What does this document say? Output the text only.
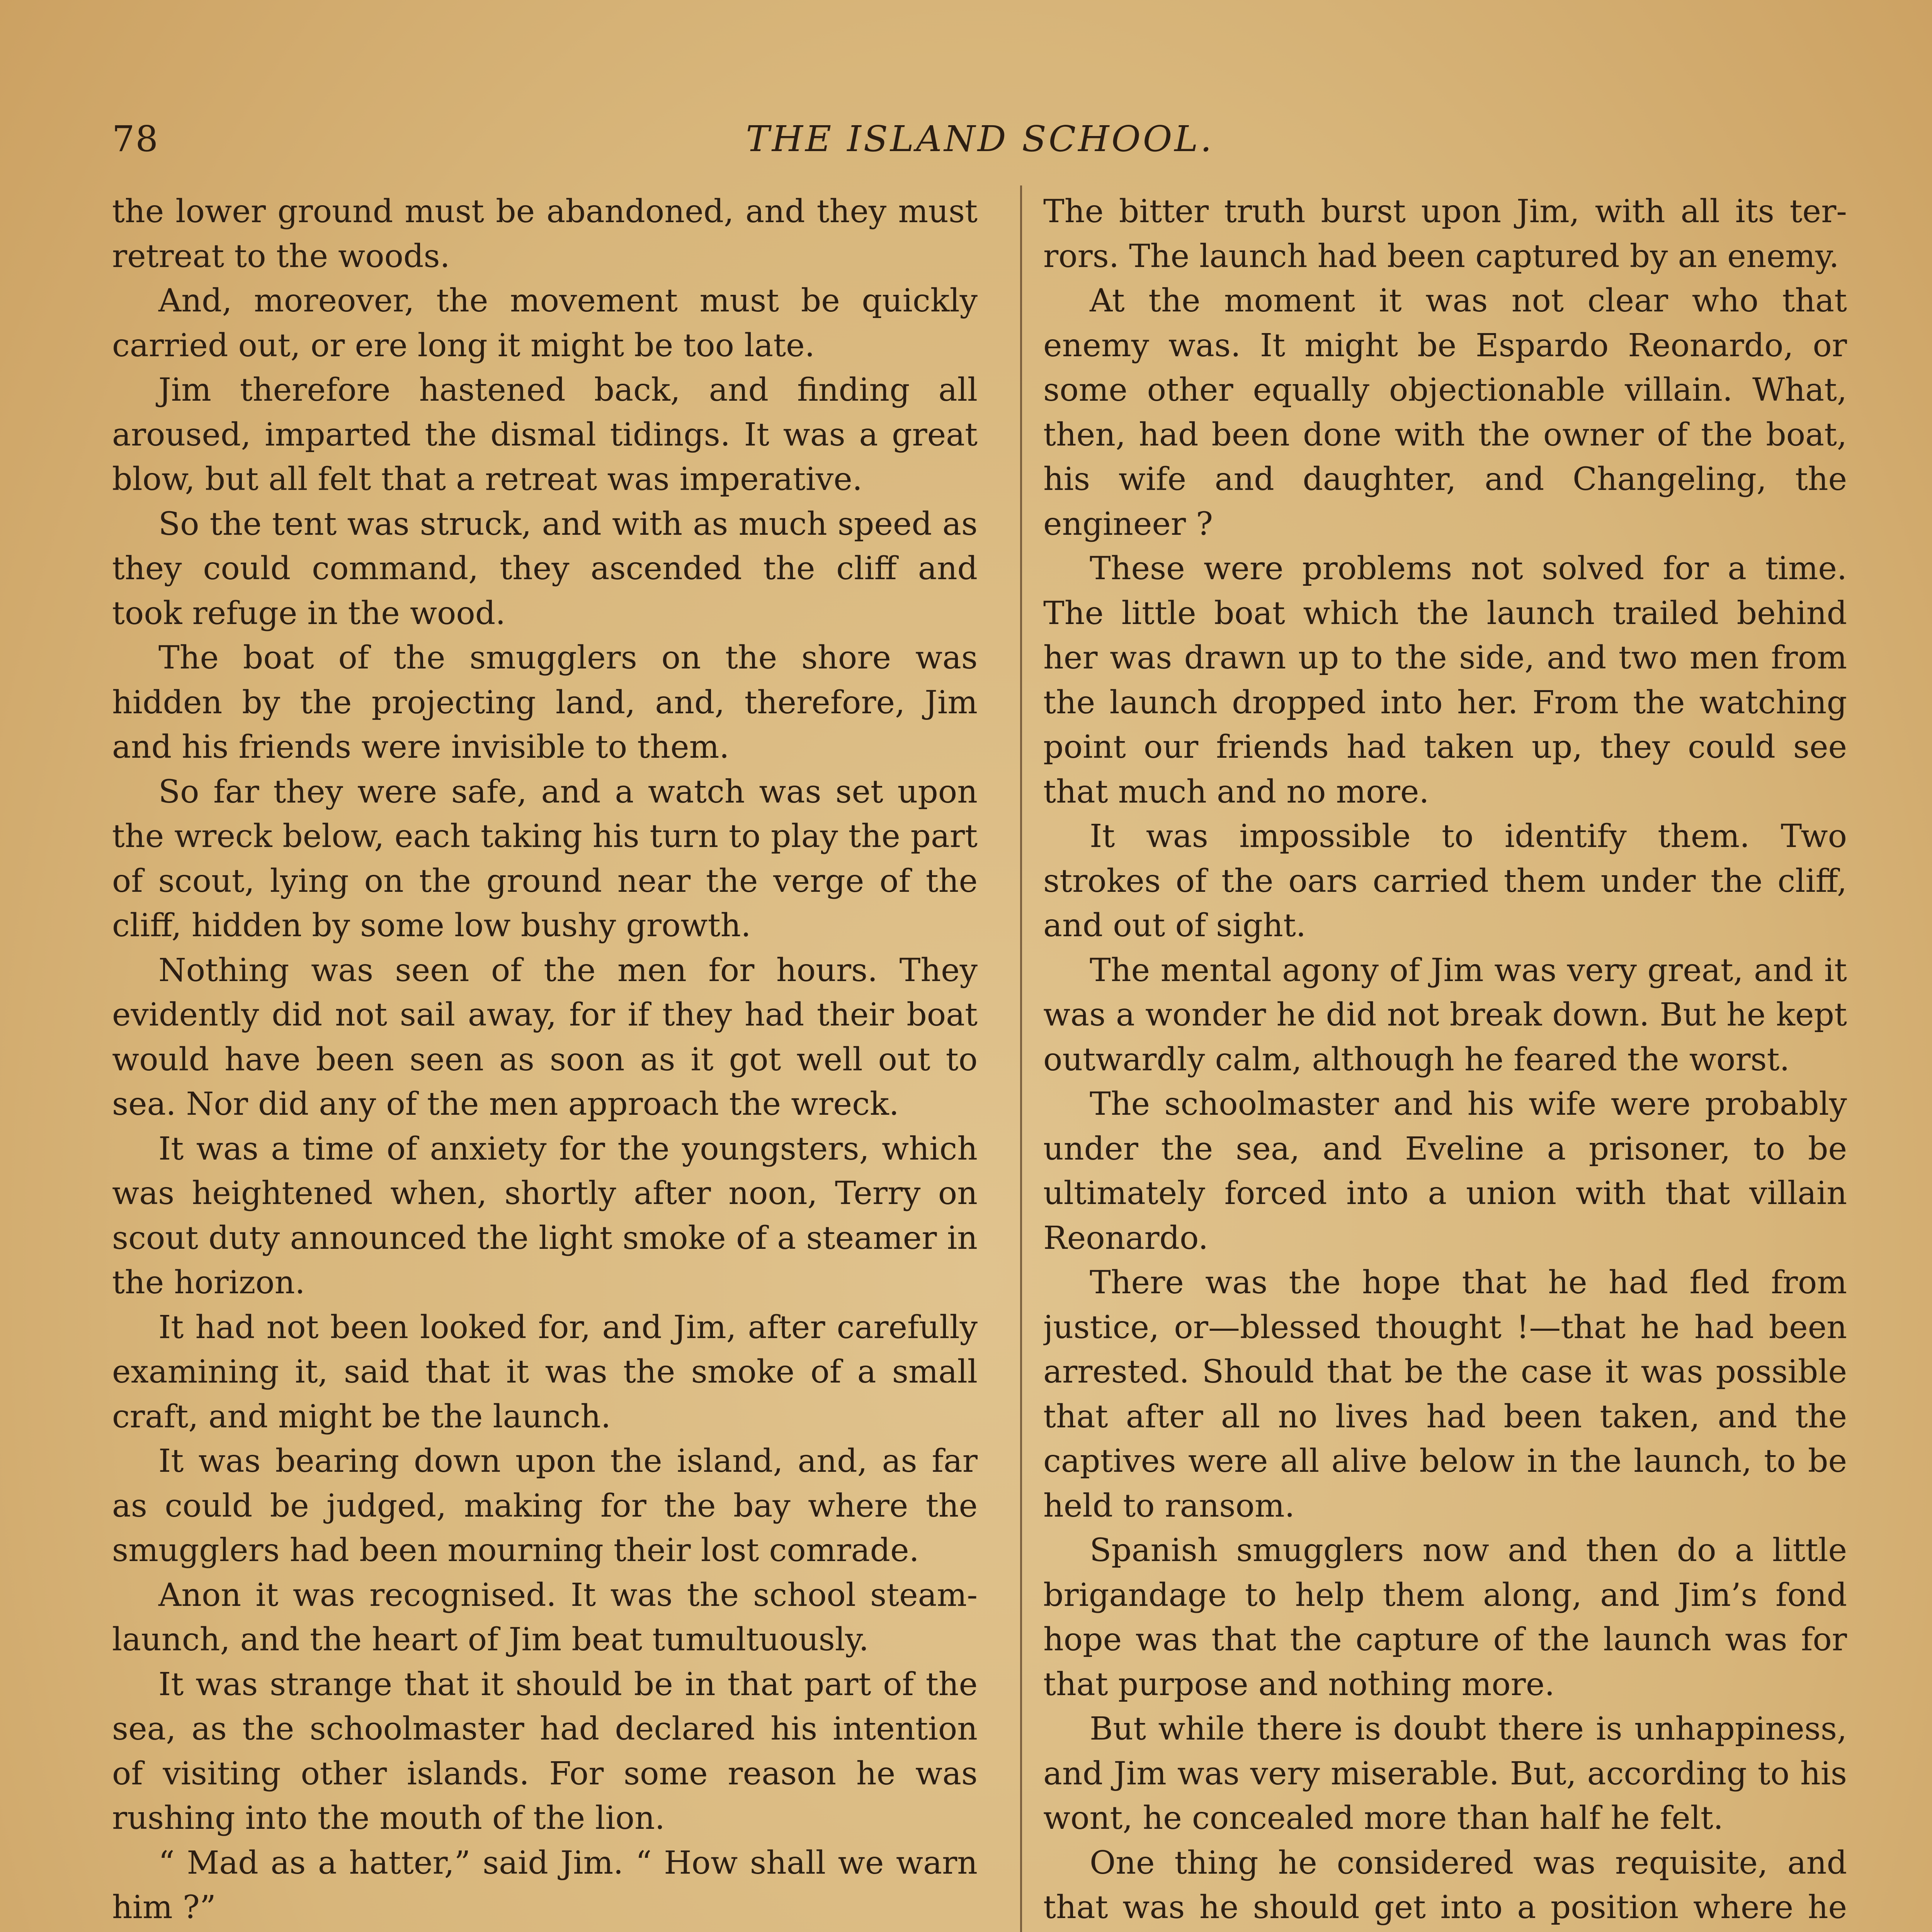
78	THE ISLAND SCHOOL.

the lower ground must be abandoned, and they must retreat to the woods.

And, moreover, the movement must be quickly carried out, or ere long it might be too late.

Jim therefore hastened back, and finding all aroused, imparted the dismal tidings. It was a great blow, but all felt that a retreat was imperative.

So the tent was struck, and with as much speed as they could command, they ascended the cliff and took refuge in the wood.

The boat of the smugglers on the shore was hidden by the projecting land, and, therefore, Jim and his friends were invisible to them.

So far they were safe, and a watch was set upon the wreck below, each taking his turn to play the part of scout, lying on the ground near the verge of the cliff, hidden by some low bushy growth.

Nothing was seen of the men for hours. They evidently did not sail away, for if they had their boat would have been seen as soon as it got well out to sea. Nor did any of the men approach the wreck.

It was a time of anxiety for the youngsters, which was heightened when, shortly after noon, Terry on scout duty announced the light smoke of a steamer in the horizon.

It had not been looked for, and Jim, after carefully examining it, said that it was the smoke of a small craft, and might be the launch.

It was bearing down upon the island, and, as far as could be judged, making for the bay where the smugglers had been mourning their lost comrade.

Anon it was recognised. It was the school steam-launch, and the heart of Jim beat tumultuously.

It was strange that it should be in that part of the sea, as the schoolmaster had declared his intention of visiting other islands. For some reason he was rushing into the mouth of the lion.

“ Mad as a hatter,” said Jim. “ How shall we warn him ?”

The bitter truth burst upon Jim, with all its ter-rors. The launch had been captured by an enemy.

At the moment it was not clear who that enemy was. It might be Espardo Reonardo, or some other equally objectionable villain. What, then, had been done with the owner of the boat, his wife and daughter, and Changeling, the engineer ?

These were problems not solved for a time. The little boat which the launch trailed behind her was drawn up to the side, and two men from the launch dropped into her. From the watching point our friends had taken up, they could see that much and no more.

It was impossible to identify them. Two strokes of the oars carried them under the cliff, and out of sight.

The mental agony of Jim was very great, and it was a wonder he did not break down. But he kept outwardly calm, although he feared the worst.

The schoolmaster and his wife were probably under the sea, and Eveline a prisoner, to be ultimately forced into a union with that villain Reonardo.

There was the hope that he had fled from justice, or—blessed thought !—that he had been arrested. Should that be the case it was possible that after all no lives had been taken, and the captives were all alive below in the launch, to be held to ransom.

Spanish smugglers now and then do a little brigandage to help them along, and Jim’s fond hope was that the capture of the launch was for that purpose and nothing more.

But while there is doubt there is unhappiness, and Jim was very miserable. But, according to his wont, he concealed more than half he felt.

One thing he considered was requisite, and that was he should get into a position where he
